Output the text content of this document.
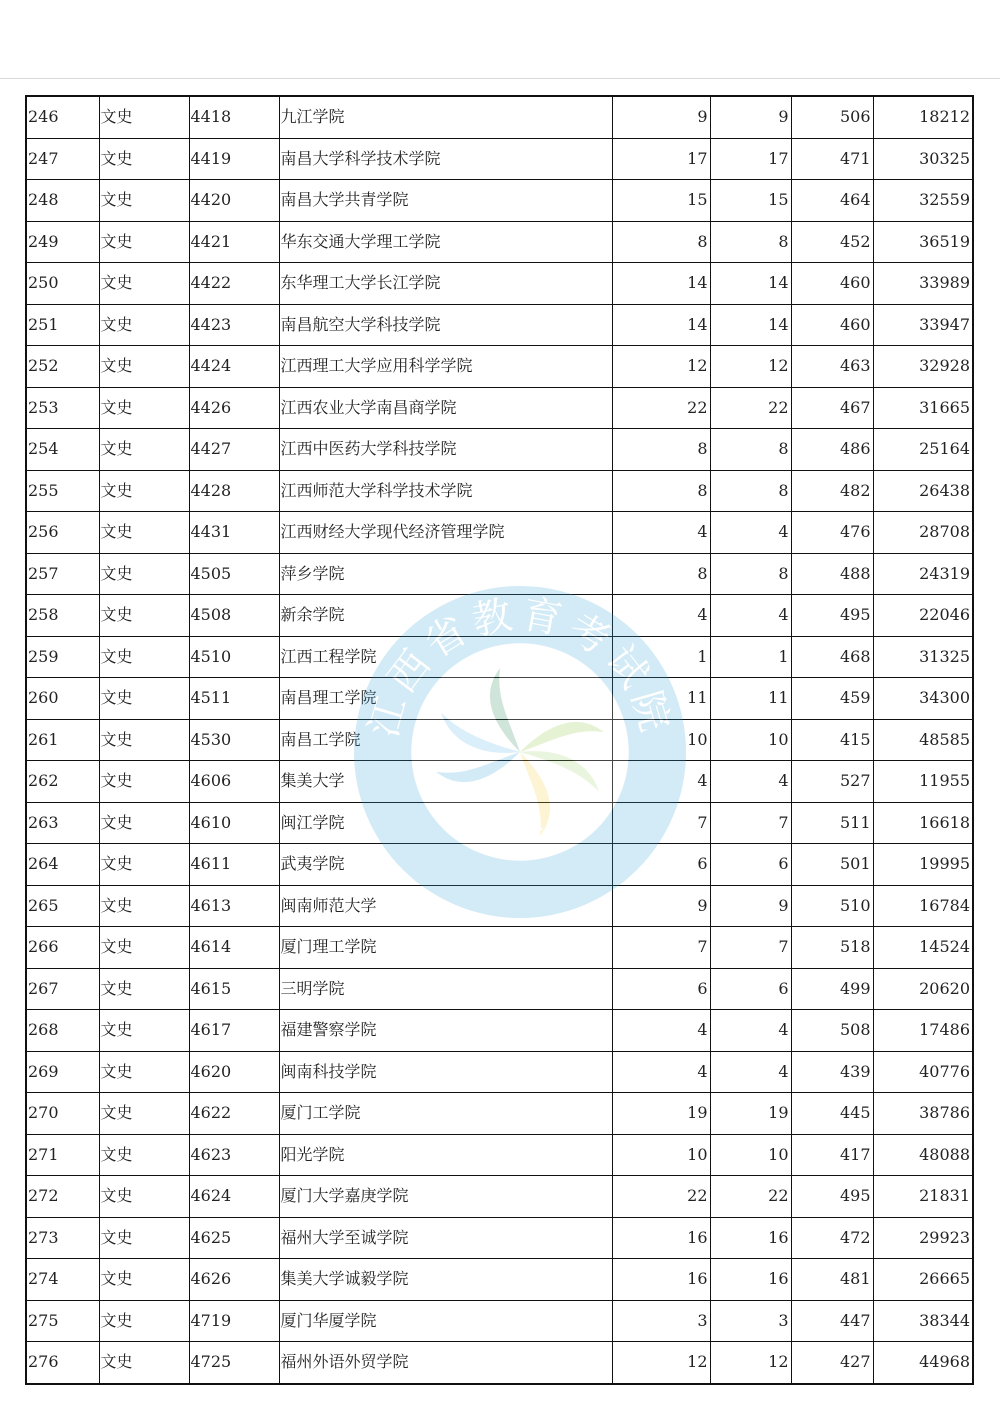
246	文史	4418	九江学院	9	9	506	18212
247	文史	4419	南昌大学科学技术学院	17	17	471	30325
248	文史	4420	南昌大学共青学院	15	15	464	32559
249	文史	4421	华东交通大学理工学院	8	8	452	36519
250	文史	4422	东华理工大学长江学院	14	14	460	33989
251	文史	4423	南昌航空大学科技学院	14	14	460	33947
252	文史	4424	江西理工大学应用科学学院	12	12	463	32928
253	文史	4426	江西农业大学南昌商学院	22	22	467	31665
254	文史	4427	江西中医药大学科技学院	8	8	486	25164
255	文史	4428	江西师范大学科学技术学院	8	8	482	26438
256	文史	4431	江西财经大学现代经济管理学院	4	4	476	28708
257	文史	4505	萍乡学院	8	8	488	24319
258	文史	4508	新余学院	4	4	495	22046
259	文史	4510	江西工程学院	1	1	468	31325
260	文史	4511	南昌理工学院	11	11	459	34300
261	文史	4530	南昌工学院	10	10	415	48585
262	文史	4606	集美大学	4	4	527	11955
263	文史	4610	闽江学院	7	7	511	16618
264	文史	4611	武夷学院	6	6	501	19995
265	文史	4613	闽南师范大学	9	9	510	16784
266	文史	4614	厦门理工学院	7	7	518	14524
267	文史	4615	三明学院	6	6	499	20620
268	文史	4617	福建警察学院	4	4	508	17486
269	文史	4620	闽南科技学院	4	4	439	40776
270	文史	4622	厦门工学院	19	19	445	38786
271	文史	4623	阳光学院	10	10	417	48088
272	文史	4624	厦门大学嘉庚学院	22	22	495	21831
273	文史	4625	福州大学至诚学院	16	16	472	29923
274	文史	4626	集美大学诚毅学院	16	16	481	26665
275	文史	4719	厦门华厦学院	3	3	447	38344
276	文史	4725	福州外语外贸学院	12	12	427	44968
江西省教育考试院
SNEEA
